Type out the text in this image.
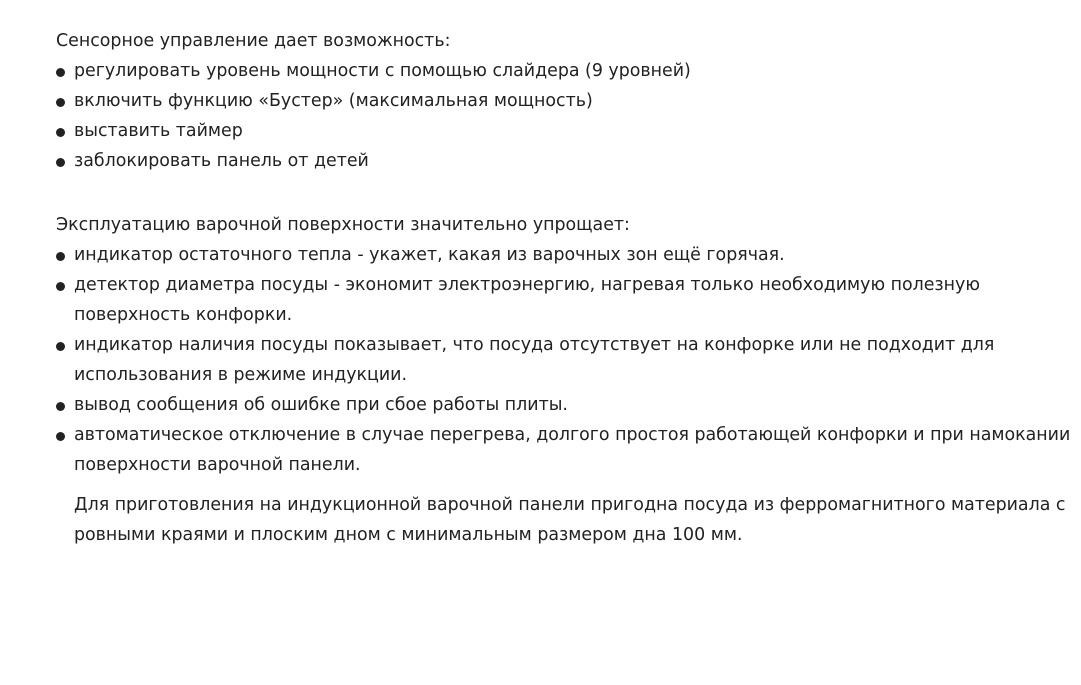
Сенсорное управление дает возможность:

регулировать уровень мощности с помощью слайдера (9 уровней)
включить функцию «Бустер» (максимальная мощность)
выставить таймер
заблокировать панель от детей

Эксплуатацию варочной поверхности значительно упрощает:

индикатор остаточного тепла - укажет, какая из варочных зон ещё горячая.
детектор диаметра посуды - экономит электроэнергию, нагревая только необходимую полезную поверхность конфорки.
индикатор наличия посуды показывает, что посуда отсутствует на конфорке или не подходит для использования в режиме индукции.
вывод сообщения об ошибке при сбое работы плиты.
автоматическое отключение в случае перегрева, долгого простоя работающей конфорки и при намокании поверхности варочной панели.

Для приготовления на индукционной варочной панели пригодна посуда из ферромагнитного материала с ровными краями и плоским дном с минимальным размером дна 100 мм.
